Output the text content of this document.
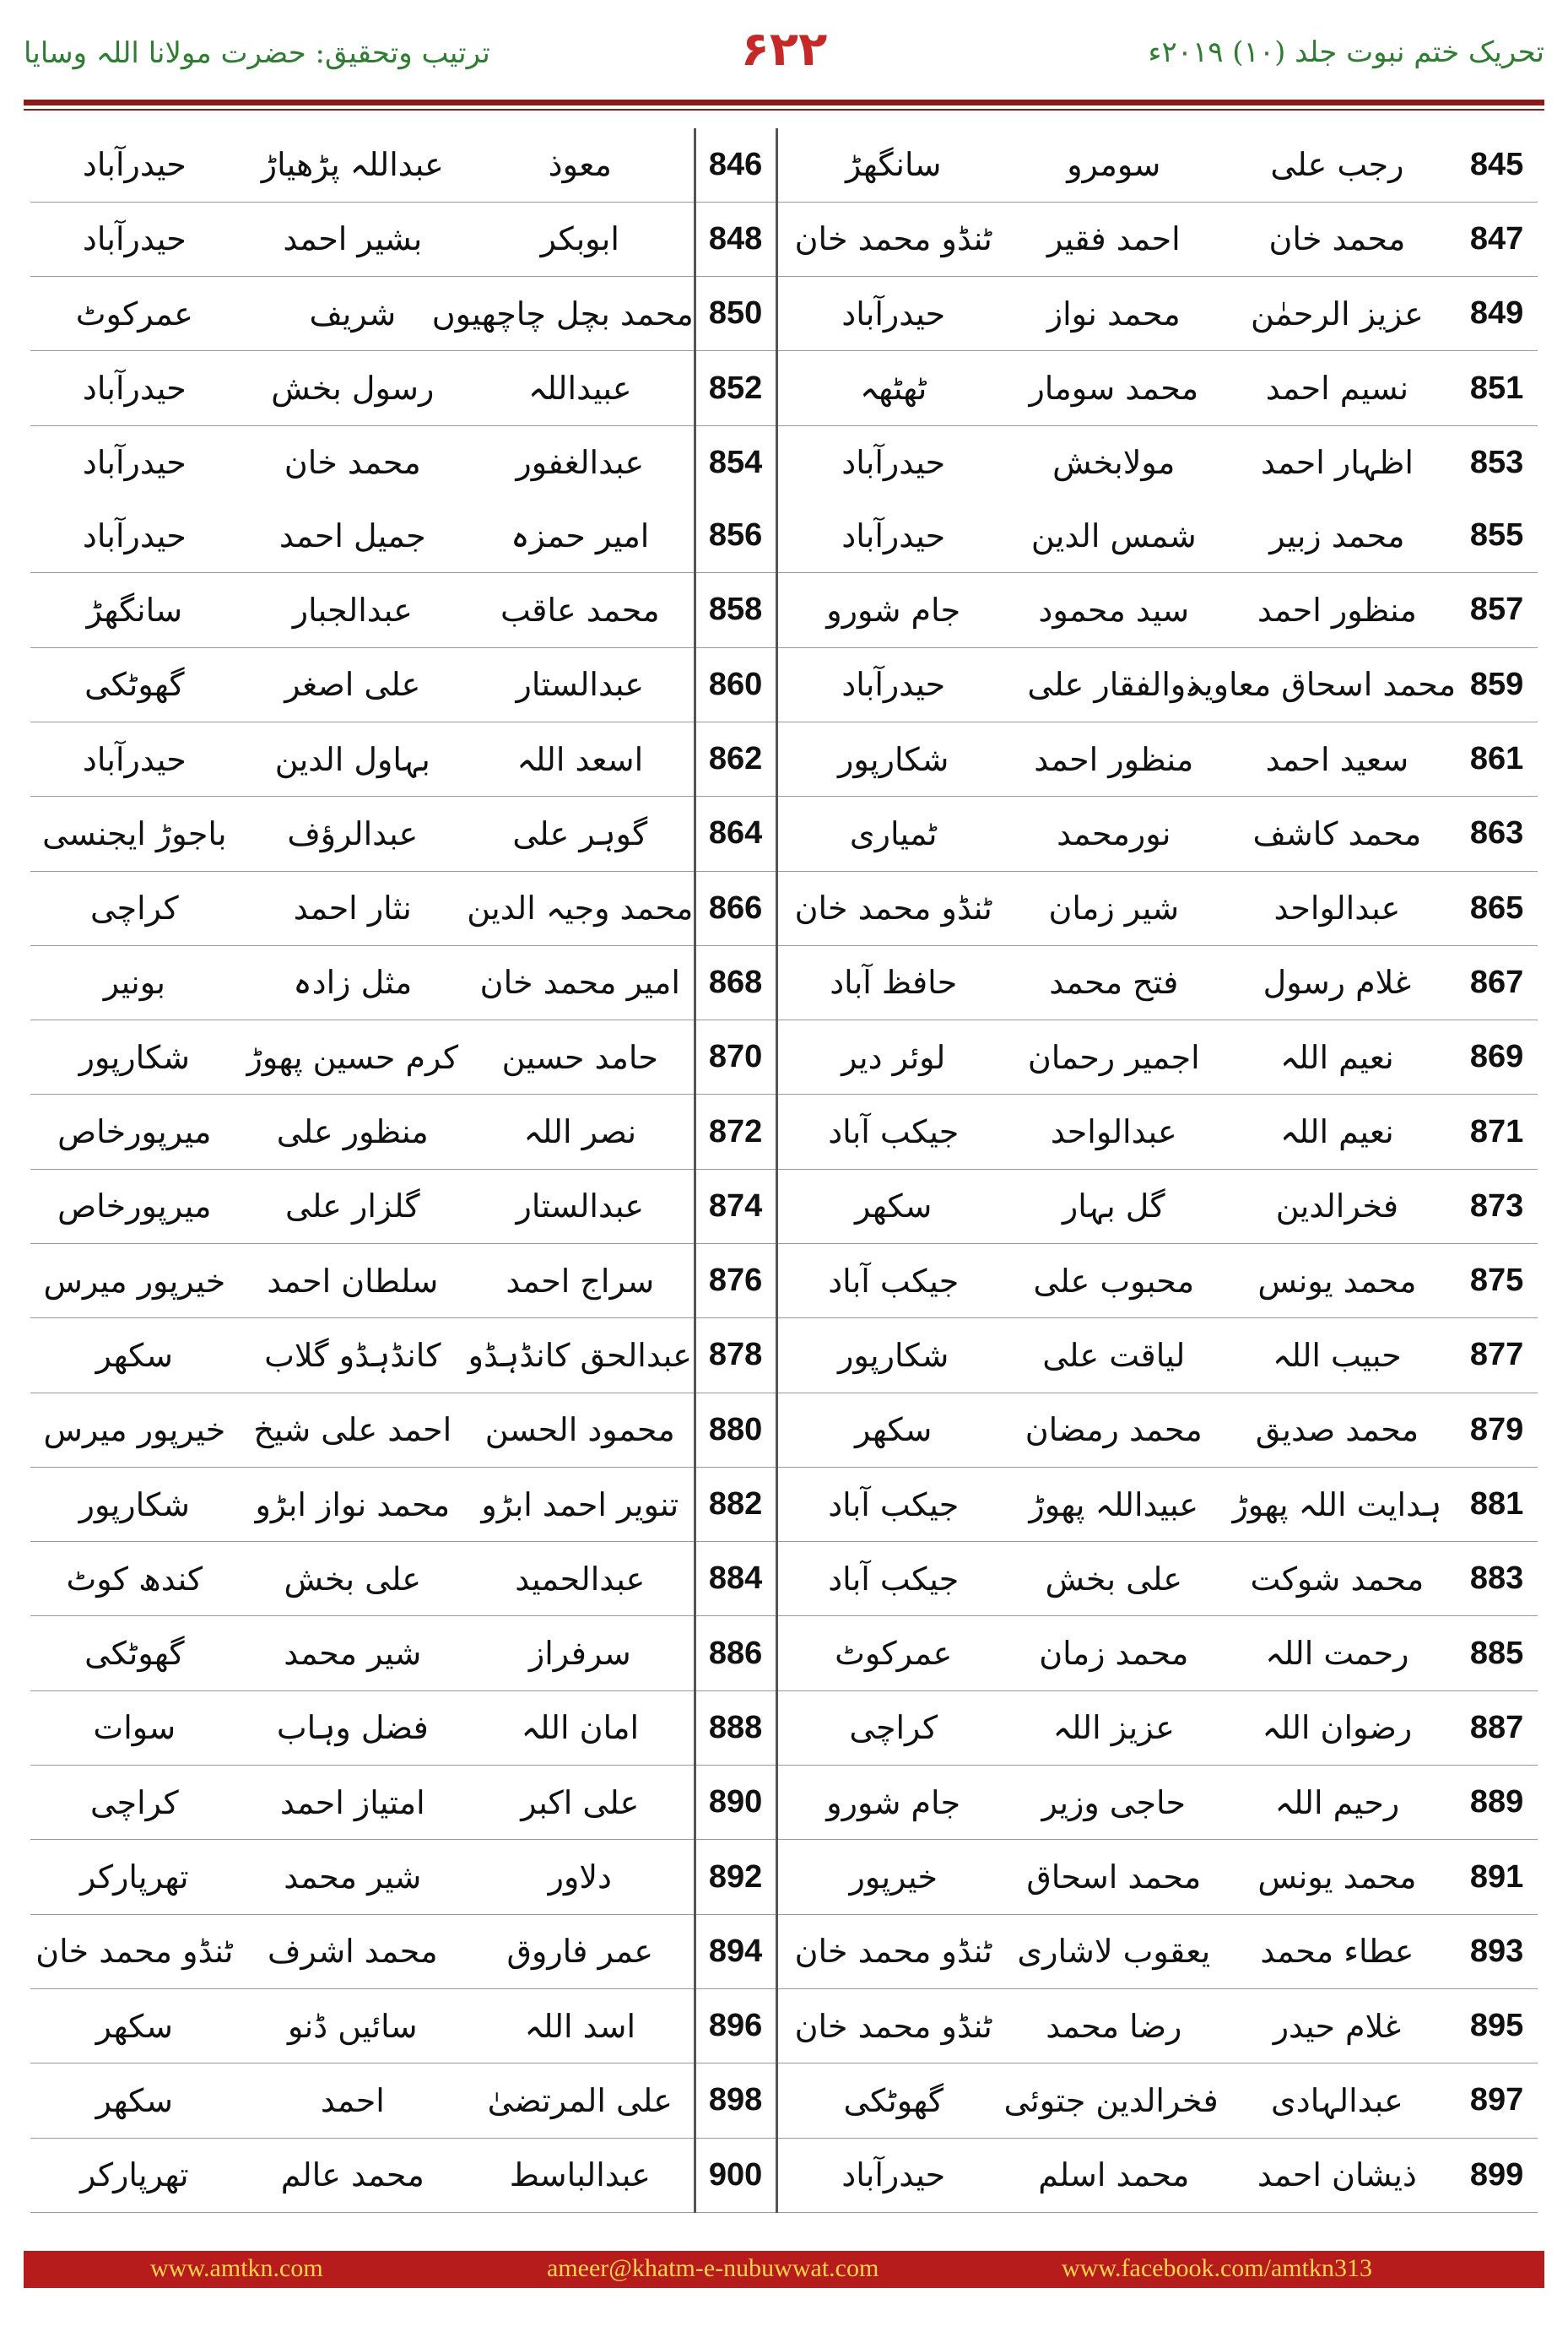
تحریک ختم نبوت جلد (۱۰) ۲۰۱۹ء
۶۲۲
ترتیب وتحقیق: حضرت مولانا اللہ وسایا
845	رجب علی	سومرو	سانگھڑ	846	معوذ	عبداللہ پڑھیاڑ	حیدرآباد
847	محمد خان	احمد فقیر	ٹنڈو محمد خان	848	ابوبکر	بشیر احمد	حیدرآباد
849	عزیز الرحمٰن	محمد نواز	حیدرآباد	850	محمد بچل چاچھیوں	شریف	عمرکوٹ
851	نسیم احمد	محمد سومار	ٹھٹھہ	852	عبیداللہ	رسول بخش	حیدرآباد
853	اظہار احمد	مولابخش	حیدرآباد	854	عبدالغفور	محمد خان	حیدرآباد
855	محمد زبیر	شمس الدین	حیدرآباد	856	امیر حمزہ	جمیل احمد	حیدرآباد
857	منظور احمد	سید محمود	جام شورو	858	محمد عاقب	عبدالجبار	سانگھڑ
859	محمد اسحاق معاویہ	ذوالفقار علی	حیدرآباد	860	عبدالستار	علی اصغر	گھوٹکی
861	سعید احمد	منظور احمد	شکارپور	862	اسعد اللہ	بہاول الدین	حیدرآباد
863	محمد کاشف	نورمحمد	ٹمیاری	864	گوہر علی	عبدالرؤف	باجوڑ ایجنسی
865	عبدالواحد	شیر زمان	ٹنڈو محمد خان	866	محمد وجیہ الدین	نثار احمد	کراچی
867	غلام رسول	فتح محمد	حافظ آباد	868	امیر محمد خان	مثل زادہ	بونیر
869	نعیم اللہ	اجمیر رحمان	لوئر دیر	870	حامد حسین	کرم حسین پھوڑ	شکارپور
871	نعیم اللہ	عبدالواحد	جیکب آباد	872	نصر اللہ	منظور علی	میرپورخاص
873	فخرالدین	گل بہار	سکھر	874	عبدالستار	گلزار علی	میرپورخاص
875	محمد یونس	محبوب علی	جیکب آباد	876	سراج احمد	سلطان احمد	خیرپور میرس
877	حبیب اللہ	لیاقت علی	شکارپور	878	عبدالحق کانڈہڈو	کانڈہڈو گلاب	سکھر
879	محمد صدیق	محمد رمضان	سکھر	880	محمود الحسن	احمد علی شیخ	خیرپور میرس
881	ہدایت اللہ پھوڑ	عبیداللہ پھوڑ	جیکب آباد	882	تنویر احمد ابڑو	محمد نواز ابڑو	شکارپور
883	محمد شوکت	علی بخش	جیکب آباد	884	عبدالحمید	علی بخش	کندھ کوٹ
885	رحمت اللہ	محمد زمان	عمرکوٹ	886	سرفراز	شیر محمد	گھوٹکی
887	رضوان اللہ	عزیز اللہ	کراچی	888	امان اللہ	فضل وہاب	سوات
889	رحیم اللہ	حاجی وزیر	جام شورو	890	علی اکبر	امتیاز احمد	کراچی
891	محمد یونس	محمد اسحاق	خیرپور	892	دلاور	شیر محمد	تھرپارکر
893	عطاء محمد	یعقوب لاشاری	ٹنڈو محمد خان	894	عمر فاروق	محمد اشرف	ٹنڈو محمد خان
895	غلام حیدر	رضا محمد	ٹنڈو محمد خان	896	اسد اللہ	سائیں ڈنو	سکھر
897	عبدالہادی	فخرالدین جتوئی	گھوٹکی	898	علی المرتضیٰ	احمد	سکھر
899	ذیشان احمد	محمد اسلم	حیدرآباد	900	عبدالباسط	محمد عالم	تھرپارکر
www.amtkn.com	ameer@khatm-e-nubuwwat.com	www.facebook.com/amtkn313
